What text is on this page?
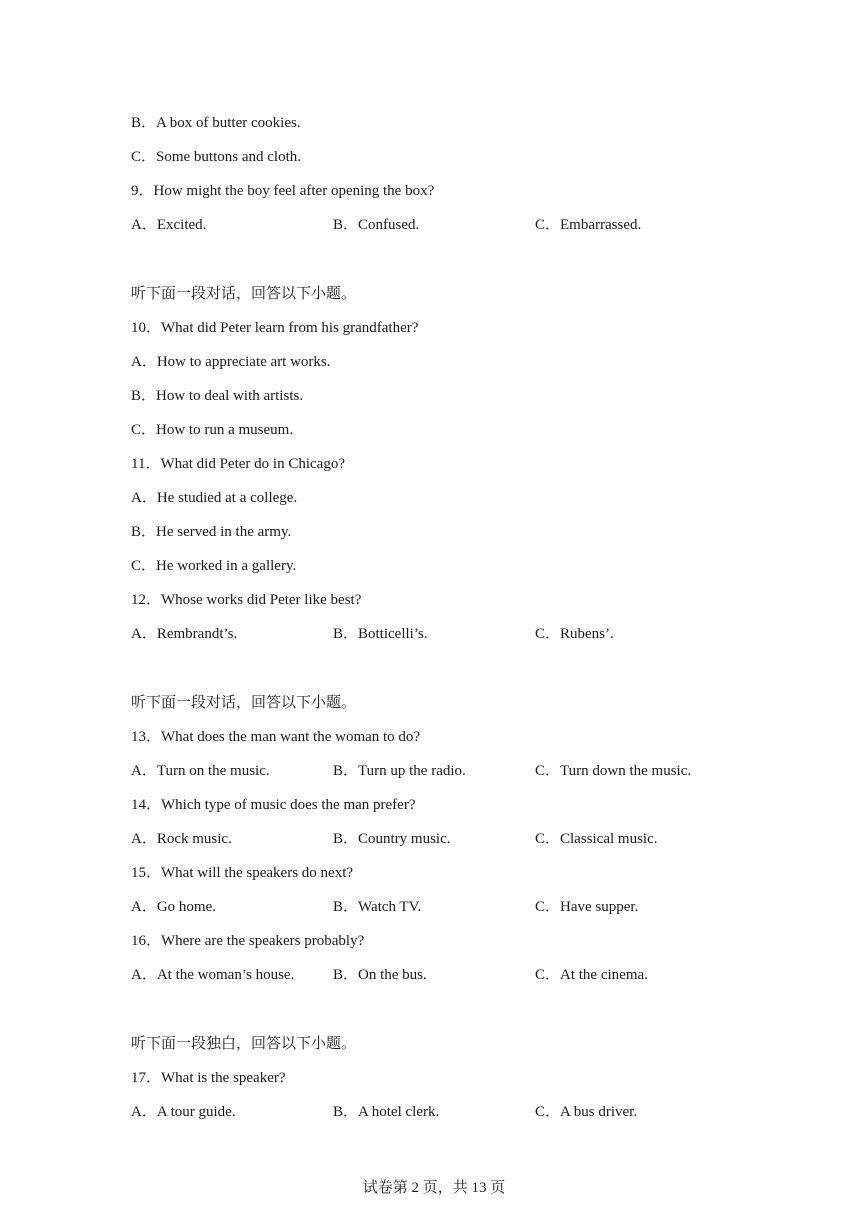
B．A box of butter cookies.
C．Some buttons and cloth.
9．How might the boy feel after opening the box?
A．Excited.	B．Confused.	C．Embarrassed.
听下面一段对话，回答以下小题。
10．What did Peter learn from his grandfather?
A．How to appreciate art works.
B．How to deal with artists.
C．How to run a museum.
11．What did Peter do in Chicago?
A．He studied at a college.
B．He served in the army.
C．He worked in a gallery.
12．Whose works did Peter like best?
A．Rembrandt’s.	B．Botticelli’s.	C．Rubens’.
听下面一段对话，回答以下小题。
13．What does the man want the woman to do?
A．Turn on the music.	B．Turn up the radio.	C．Turn down the music.
14．Which type of music does the man prefer?
A．Rock music.	B．Country music.	C．Classical music.
15．What will the speakers do next?
A．Go home.	B．Watch TV.	C．Have supper.
16．Where are the speakers probably?
A．At the woman’s house.	B．On the bus.	C．At the cinema.
听下面一段独白，回答以下小题。
17．What is the speaker?
A．A tour guide.	B．A hotel clerk.	C．A bus driver.
试卷第 2 页，共 13 页
